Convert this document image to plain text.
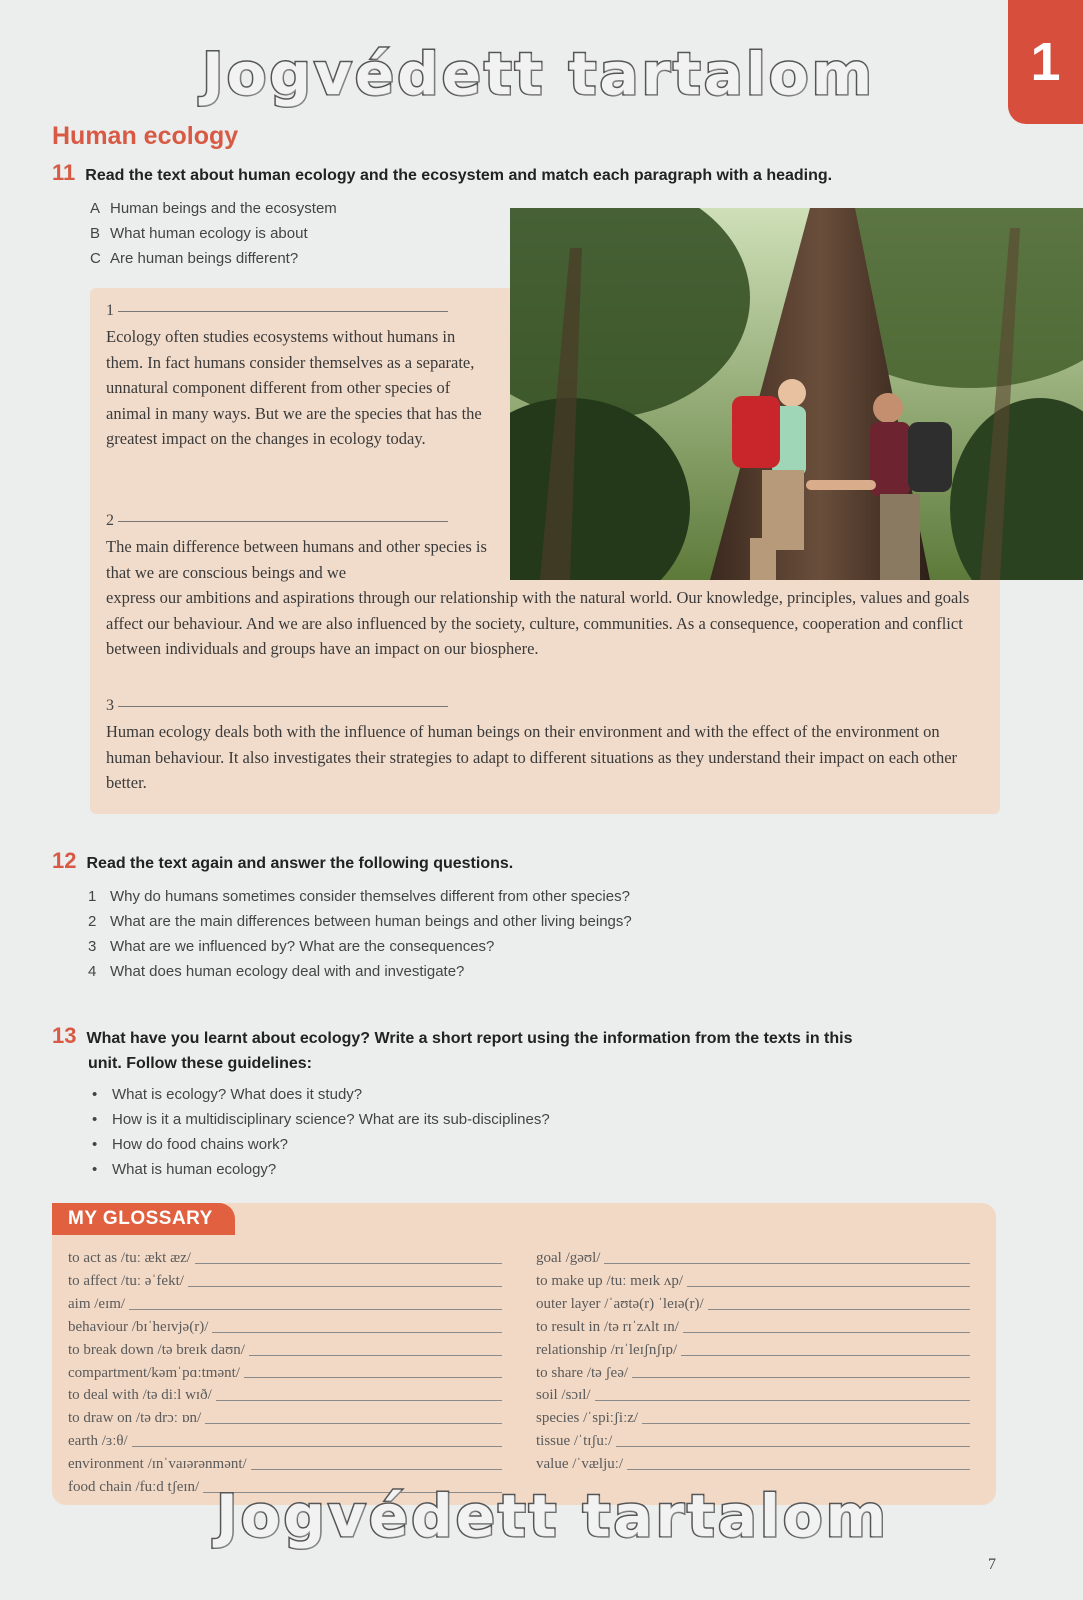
Jogvédett tartalom	1
Human ecology
11 Read the text about human ecology and the ecosystem and match each paragraph with a heading.
A Human beings and the ecosystem
B What human ecology is about
C Are human beings different?
1
Ecology often studies ecosystems without humans in them. In fact humans consider themselves as a separate, unnatural component different from other species of animal in many ways. But we are the species that has the greatest impact on the changes in ecology today.
2
The main difference between humans and other species is that we are conscious beings and we
express our ambitions and aspirations through our relationship with the natural world. Our knowledge, principles, values and goals affect our behaviour. And we are also influenced by the society, culture, communities. As a consequence, cooperation and conflict between individuals and groups have an impact on our biosphere.
3
Human ecology deals both with the influence of human beings on their environment and with the effect of the environment on human behaviour. It also investigates their strategies to adapt to different situations as they understand their impact on each other better.
12 Read the text again and answer the following questions.
1 Why do humans sometimes consider themselves different from other species?
2 What are the main differences between human beings and other living beings?
3 What are we influenced by? What are the consequences?
4 What does human ecology deal with and investigate?
13 What have you learnt about ecology? Write a short report using the information from the texts in this
unit. Follow these guidelines:
• What is ecology? What does it study?
• How is it a multidisciplinary science? What are its sub-disciplines?
• How do food chains work?
• What is human ecology?
MY GLOSSARY
to act as /tuː ækt æz/
to affect /tuː əˈfekt/
aim /eɪm/
behaviour /bɪˈheɪvjə(r)/
to break down /tə breɪk daʊn/
compartment/kəmˈpɑːtmənt/
to deal with /tə diːl wɪð/
to draw on /tə drɔː ɒn/
earth /ɜːθ/
environment /ɪnˈvaɪərənmənt/
food chain /fuːd tʃeɪn/
goal /gəʊl/
to make up /tuː meɪk ʌp/
outer layer /ˈaʊtə(r) ˈleɪə(r)/
to result in /tə rɪˈzʌlt ɪn/
relationship /rɪˈleɪʃnʃɪp/
to share /tə ʃeə/
soil /sɔɪl/
species /ˈspiːʃiːz/
tissue /ˈtɪʃuː/
value /ˈvæljuː/
Jogvédett tartalom
7
